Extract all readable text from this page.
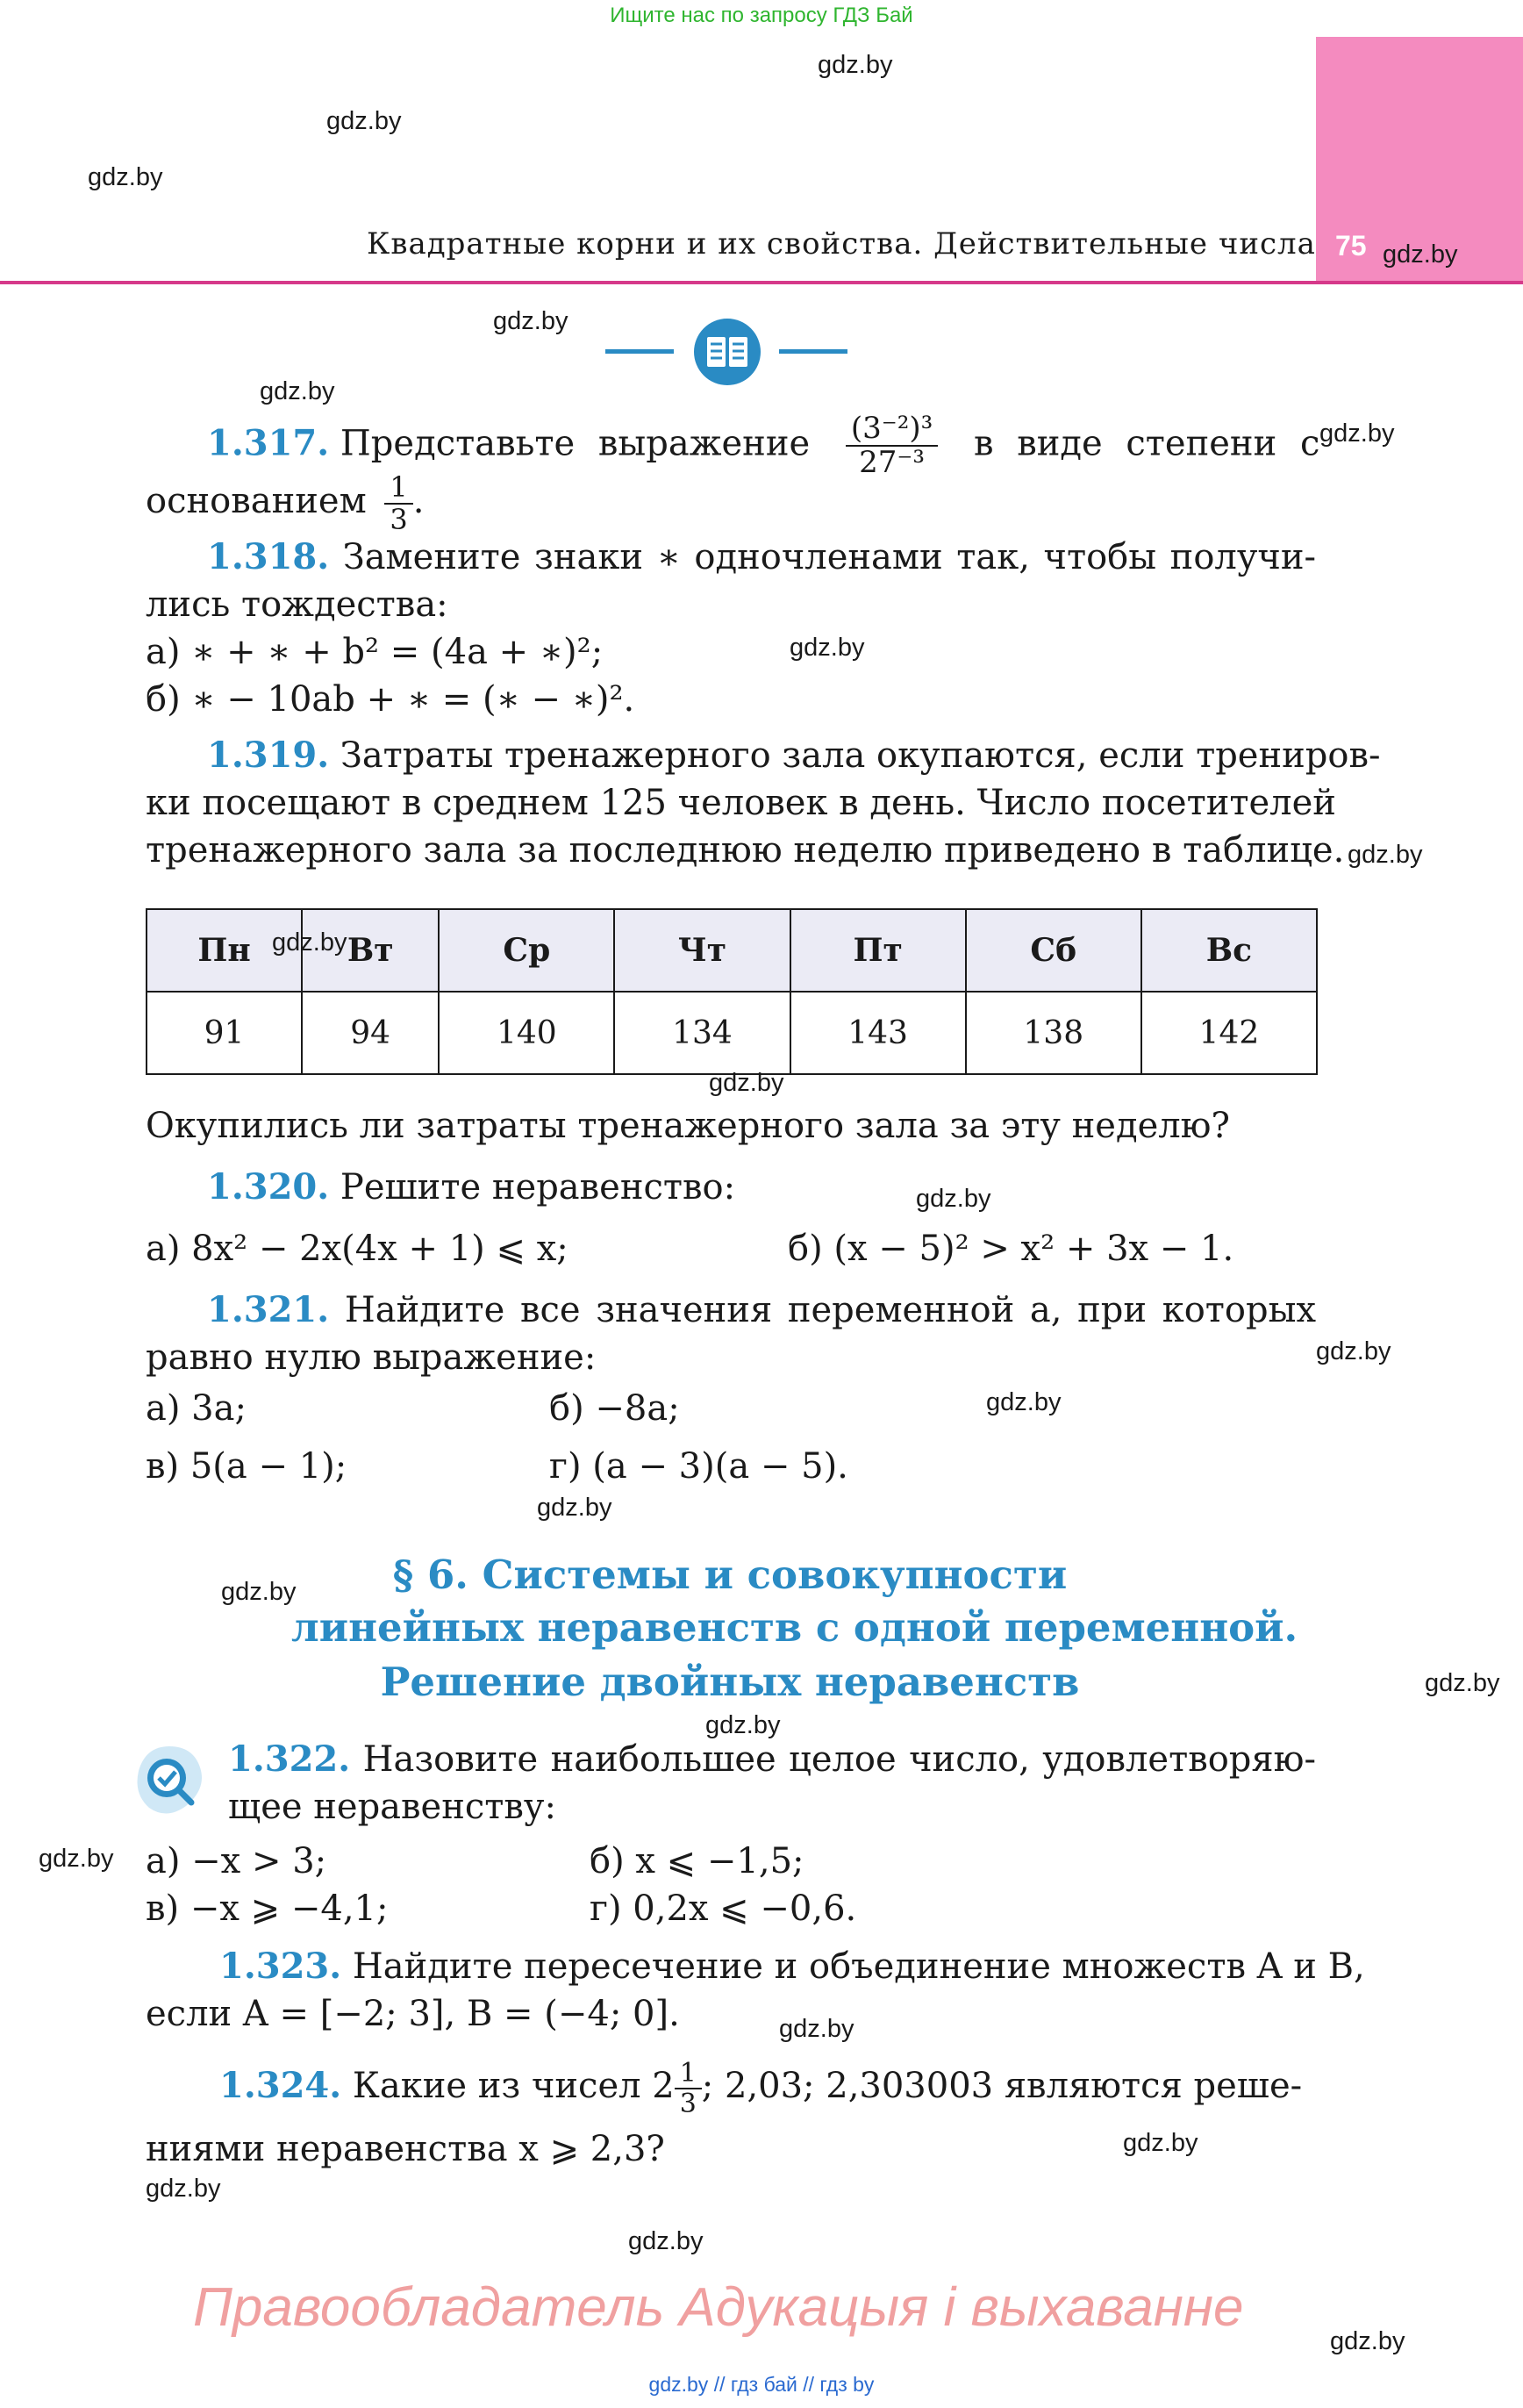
Ищите нас по запросу ГДЗ Бай
75
Квадратные корни и их свойства. Действительные числа
1.317. Представьте выражение $\frac{\text{(3⁻²)³}}{\text{27⁻³}}$ в виде степени с
основанием $\frac{1}{3}$ .
1.318. Замените знаки ∗ одночленами так, чтобы получи-
лись тождества:
а) ∗ + ∗ + b² = (4a + ∗)²;
б) ∗ − 10ab + ∗ = (∗ − ∗)².
1.319. Затраты тренажерного зала окупаются, если трениров-
ки посещают в среднем 125 человек в день. Число посетителей
тренажерного зала за последнюю неделю приведено в таблице.
Пн	Вт	Ср	Чт	Пт	Сб	Вс
91	94	140	134	143	138	142
Окупились ли затраты тренажерного зала за эту неделю?
1.320. Решите неравенство:
а) 8x² − 2x(4x + 1) ⩽ x;	б) (x − 5)² > x² + 3x − 1.
1.321. Найдите все значения переменной a, при которых
равно нулю выражение:
а) 3a;	б) −8a;
в) 5(a − 1);	г) (a − 3)(a − 5).
§ 6. Системы и совокупности
линейных неравенств с одной переменной.
Решение двойных неравенств
1.322. Назовите наибольшее целое число, удовлетворяю-
щее неравенству:
а) −x > 3;	б) x ⩽ −1,5;
в) −x ⩾ −4,1;	г) 0,2x ⩽ −0,6.
1.323. Найдите пересечение и объединение множеств A и B,
если A = [−2; 3], B = (−4; 0].
1.324. Какие из чисел $2 \frac{1}{3}$ ; 2,03; 2,303003 являются реше-
ниями неравенства x ⩾ 2,3?
gdz.by
gdz.by
gdz.by
gdz.by
gdz.by
gdz.by
gdz.by
gdz.by
gdz.by
gdz.by
gdz.by
gdz.by
gdz.by
gdz.by
gdz.by
gdz.by
gdz.by
gdz.by
gdz.by
gdz.by
gdz.by
gdz.by
gdz.by
gdz.by
Правообладатель Адукацыя і выхаванне
gdz.by // гдз бай // гдз by
